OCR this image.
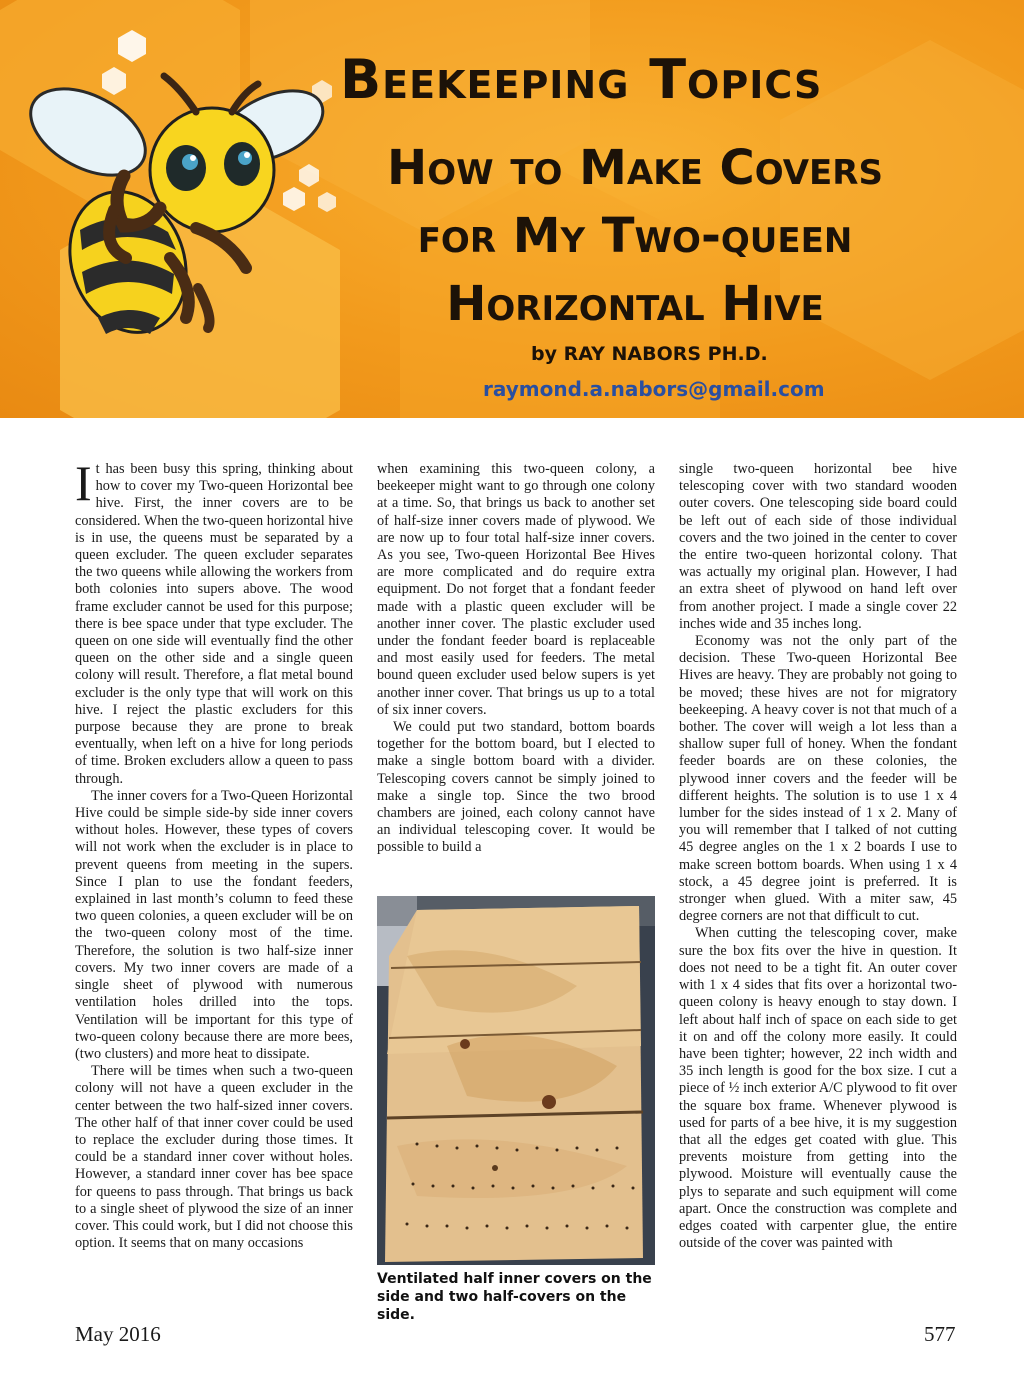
Beekeeping Topics
How to Make Covers
for My Two-queen
Horizontal Hive
by RAY NABORS PH.D.
raymond.a.nabors@gmail.com

It has been busy this spring, thinking about how to cover my Two-queen Horizontal bee hive. First, the inner covers are to be considered. When the two-queen horizontal hive is in use, the queens must be separated by a queen excluder. The queen excluder separates the two queens while allowing the workers from both colonies into supers above. The wood frame excluder cannot be used for this purpose; there is bee space under that type excluder. The queen on one side will eventually find the other queen on the other side and a single queen colony will result. Therefore, a flat metal bound excluder is the only type that will work on this hive. I reject the plastic excluders for this purpose because they are prone to break eventually, when left on a hive for long periods of time. Broken excluders allow a queen to pass through.

The inner covers for a Two-Queen Horizontal Hive could be simple side-by side inner covers without holes. However, these types of covers will not work when the excluder is in place to prevent queens from meeting in the supers. Since I plan to use the fondant feeders, explained in last month’s column to feed these two queen colonies, a queen excluder will be on the two-queen colony most of the time. Therefore, the solution is two half-size inner covers. My two inner covers are made of a single sheet of plywood with numerous ventilation holes drilled into the tops. Ventilation will be important for this type of two-queen colony because there are more bees, (two clusters) and more heat to dissipate.

There will be times when such a two-queen colony will not have a queen excluder in the center between the two half-sized inner covers. The other half of that inner cover could be used to replace the excluder during those times. It could be a standard inner cover without holes. However, a standard inner cover has bee space for queens to pass through. That brings us back to a single sheet of plywood the size of an inner cover. This could work, but I did not choose this option. It seems that on many occasions

when examining this two-queen colony, a beekeeper might want to go through one colony at a time. So, that brings us back to another set of half-size inner covers made of plywood. We are now up to four total half-size inner covers. As you see, Two-queen Horizontal Bee Hives are more complicated and do require extra equipment. Do not forget that a fondant feeder made with a plastic queen excluder will be another inner cover. The plastic excluder used under the fondant feeder board is replaceable and most easily used for feeders. The metal bound queen excluder used below supers is yet another inner cover. That brings us up to a total of six inner covers.

We could put two standard, bottom boards together for the bottom board, but I elected to make a single bottom board with a divider. Telescoping covers cannot be simply joined to make a single top. Since the two brood chambers are joined, each colony cannot have an individual telescoping cover. It would be possible to build a

Ventilated half inner covers on the side and two half-covers on the side.

single two-queen horizontal bee hive telescoping cover with two standard wooden outer covers. One telescoping side board could be left out of each side of those individual covers and the two joined in the center to cover the entire two-queen horizontal colony. That was actually my original plan. However, I had an extra sheet of plywood on hand left over from another project. I made a single cover 22 inches wide and 35 inches long.

Economy was not the only part of the decision. These Two-queen Horizontal Bee Hives are heavy. They are probably not going to be moved; these hives are not for migratory beekeeping. A heavy cover is not that much of a bother. The cover will weigh a lot less than a shallow super full of honey. When the fondant feeder boards are on these colonies, the plywood inner covers and the feeder will be different heights. The solution is to use 1 x 4 lumber for the sides instead of 1 x 2. Many of you will remember that I talked of not cutting 45 degree angles on the 1 x 2 boards I use to make screen bottom boards. When using 1 x 4 stock, a 45 degree joint is preferred. It is stronger when glued. With a miter saw, 45 degree corners are not that difficult to cut.

When cutting the telescoping cover, make sure the box fits over the hive in question. It does not need to be a tight fit. An outer cover with 1 x 4 sides that fits over a horizontal two-queen colony is heavy enough to stay down. I left about half inch of space on each side to get it on and off the colony more easily. It could have been tighter; however, 22 inch width and 35 inch length is good for the box size. I cut a piece of ½ inch exterior A/C plywood to fit over the square box frame. Whenever plywood is used for parts of a bee hive, it is my suggestion that all the edges get coated with glue. This prevents moisture from getting into the plywood. Moisture will eventually cause the plys to separate and such equipment will come apart. Once the construction was complete and edges coated with carpenter glue, the entire outside of the cover was painted with

May 2016	577
